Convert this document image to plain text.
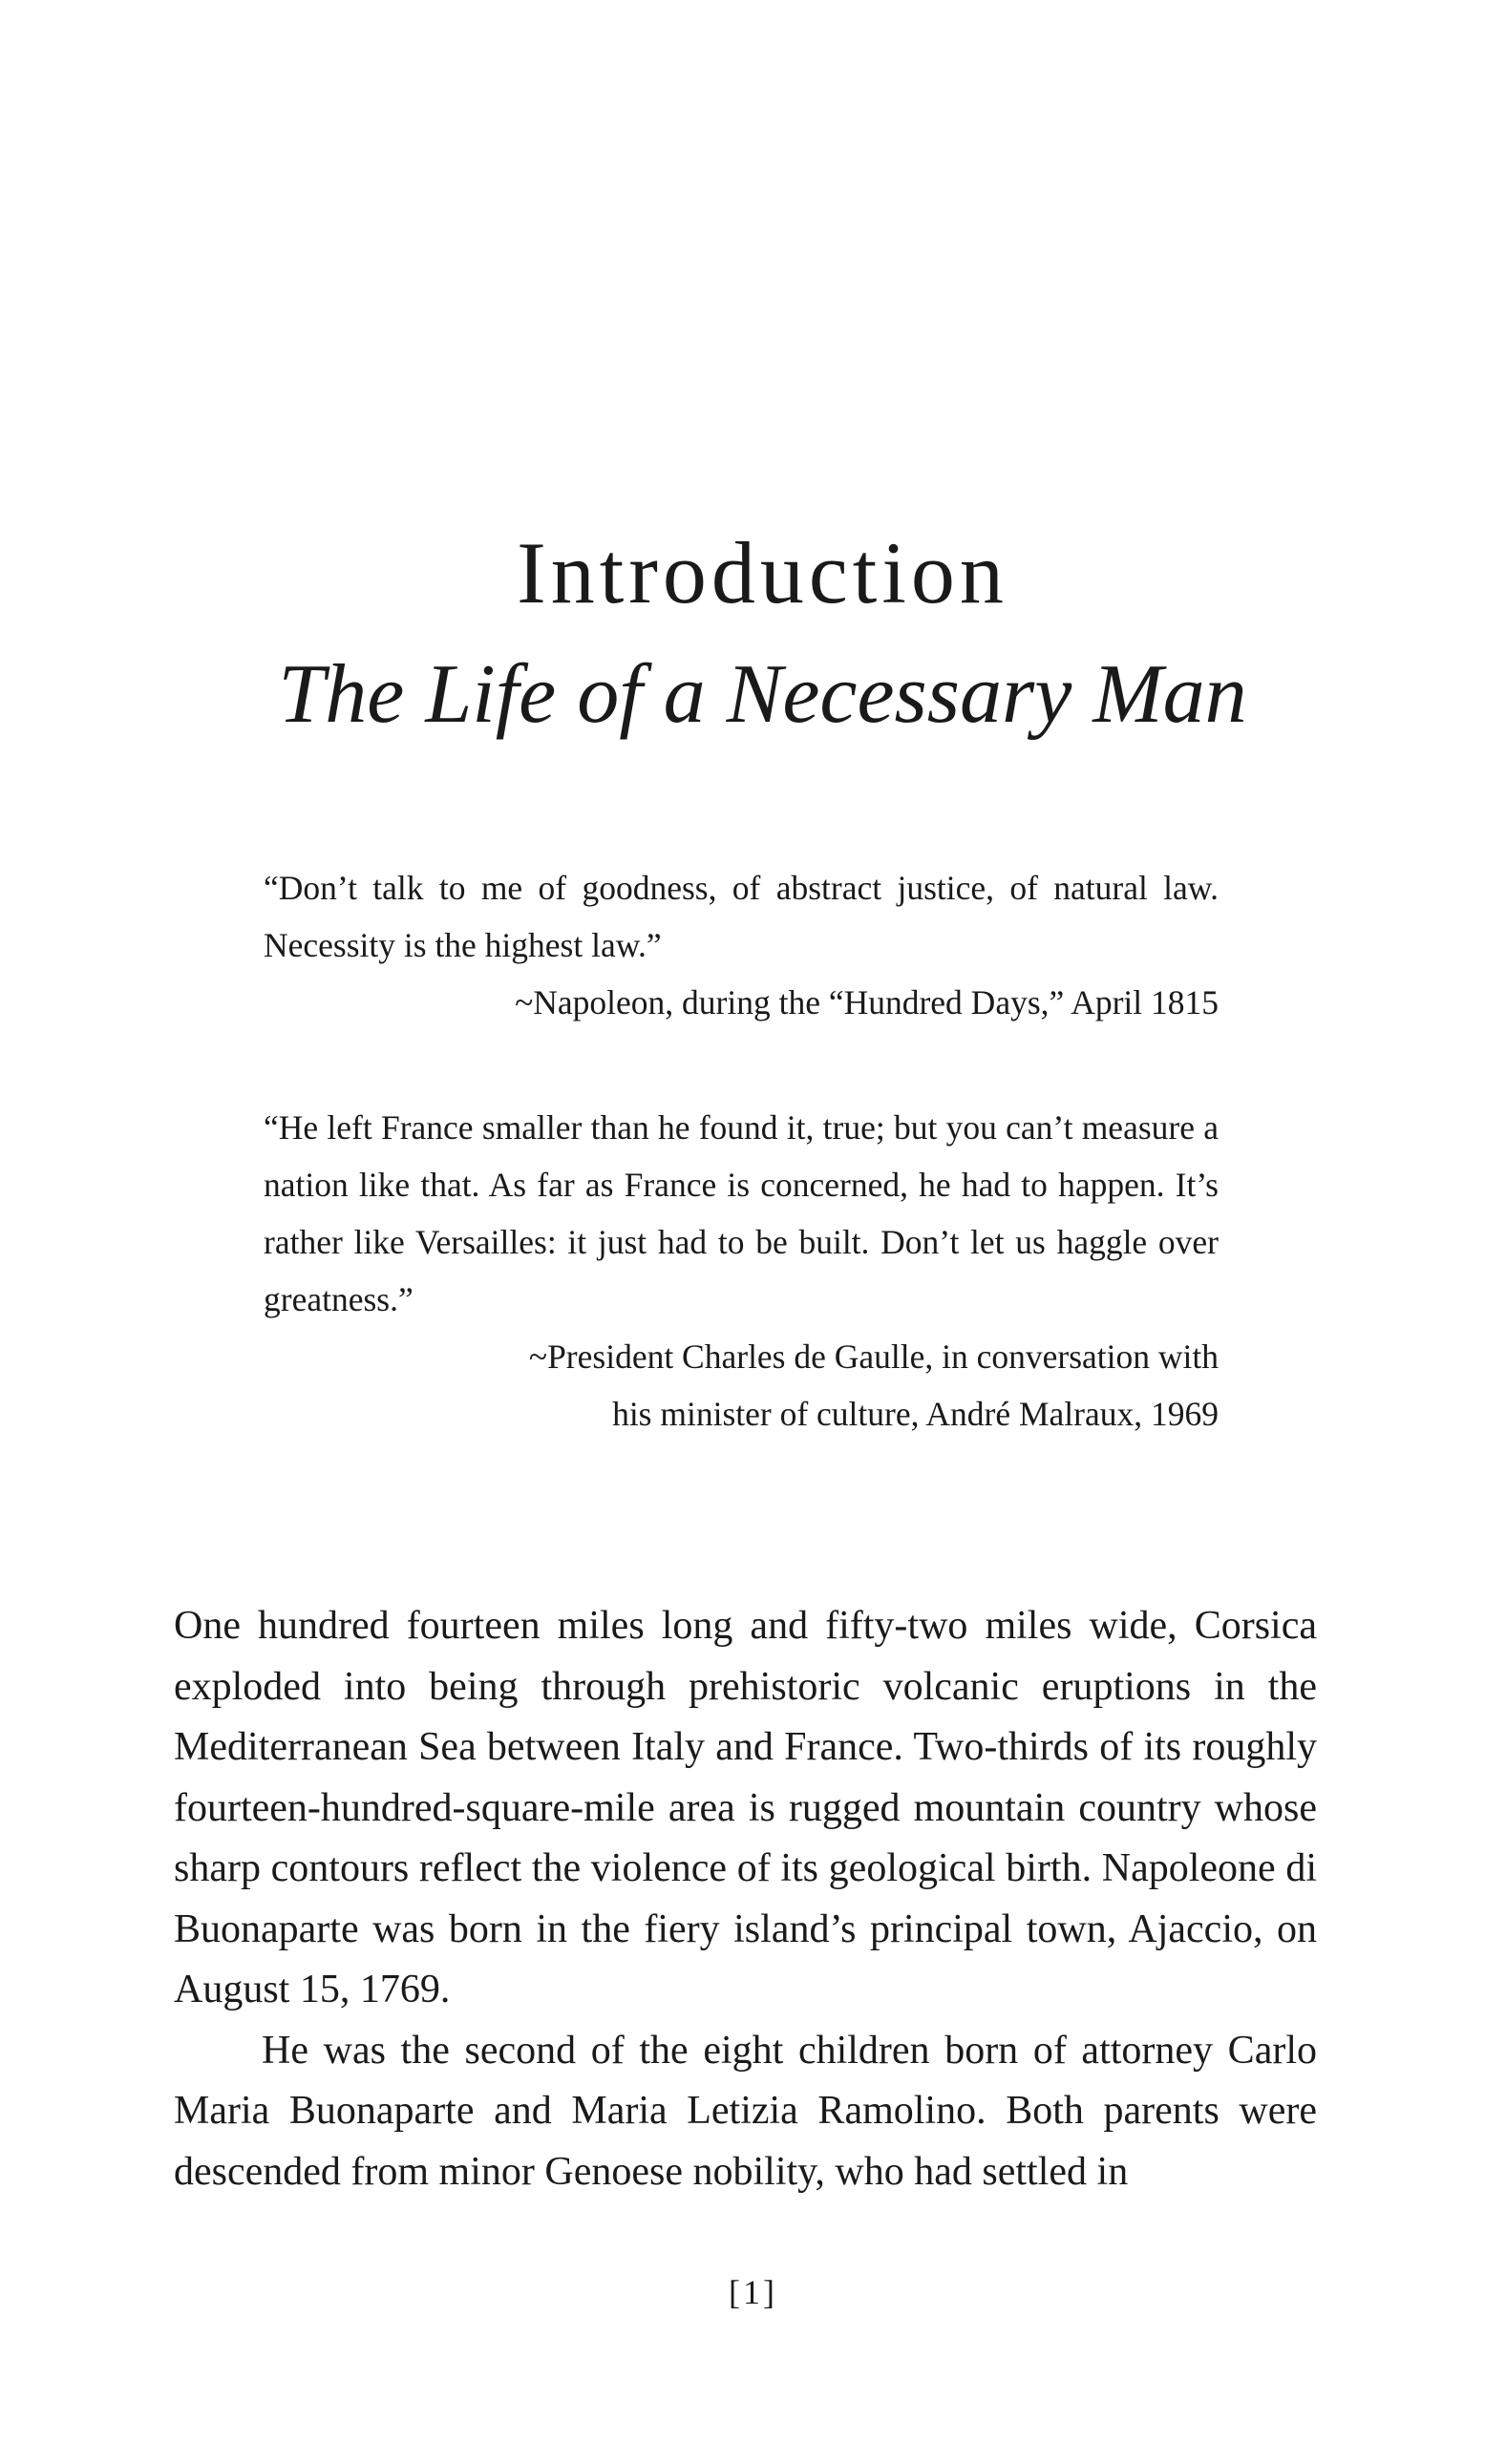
Introduction
The Life of a Necessary Man
“Don’t talk to me of goodness, of abstract justice, of natural law. Necessity is the highest law.”
~Napoleon, during the “Hundred Days,” April 1815
“He left France smaller than he found it, true; but you can’t measure a nation like that. As far as France is concerned, he had to happen. It’s rather like Versailles: it just had to be built. Don’t let us haggle over greatness.”
~President Charles de Gaulle, in conversation with
his minister of culture, André Malraux, 1969

One hundred fourteen miles long and fifty-two miles wide, Corsica exploded into being through prehistoric volcanic eruptions in the Mediterranean Sea between Italy and France. Two-thirds of its roughly fourteen-hundred-square-mile area is rugged mountain country whose sharp contours reflect the violence of its geological birth. Napoleone di Buonaparte was born in the fiery island’s principal town, Ajaccio, on August 15, 1769.

He was the second of the eight children born of attorney Carlo Maria Buonaparte and Maria Letizia Ramolino. Both parents were descended from minor Genoese nobility, who had settled in

[1]
